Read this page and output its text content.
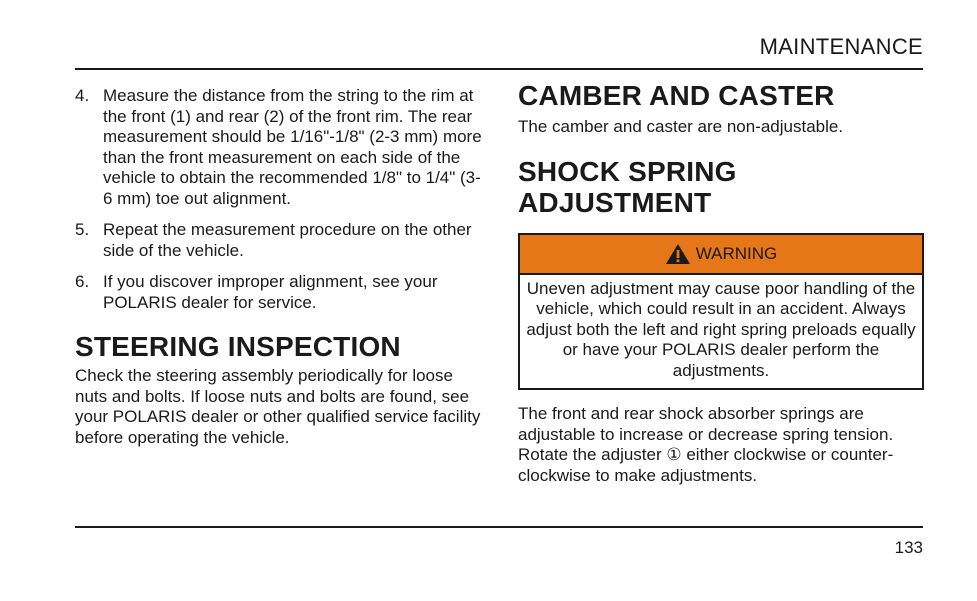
MAINTENANCE
4. Measure the distance from the string to the rim at the front (1) and rear (2) of the front rim. The rear measurement should be 1/16"-1/8" (2-3 mm) more than the front measurement on each side of the vehicle to obtain the recommended 1/8" to 1/4" (3-6 mm) toe out alignment.
5. Repeat the measurement procedure on the other side of the vehicle.
6. If you discover improper alignment, see your POLARIS dealer for service.
STEERING INSPECTION

Check the steering assembly periodically for loose nuts and bolts. If loose nuts and bolts are found, see your POLARIS dealer or other qualified service facility before operating the vehicle.

CAMBER AND CASTER

The camber and caster are non-adjustable.

SHOCK SPRING ADJUSTMENT
WARNING
Uneven adjustment may cause poor handling of the vehicle, which could result in an accident. Always adjust both the left and right spring preloads equally or have your POLARIS dealer perform the adjustments.

The front and rear shock absorber springs are adjustable to increase or decrease spring tension. Rotate the adjuster ① either clockwise or counter-clockwise to make adjustments.

133
